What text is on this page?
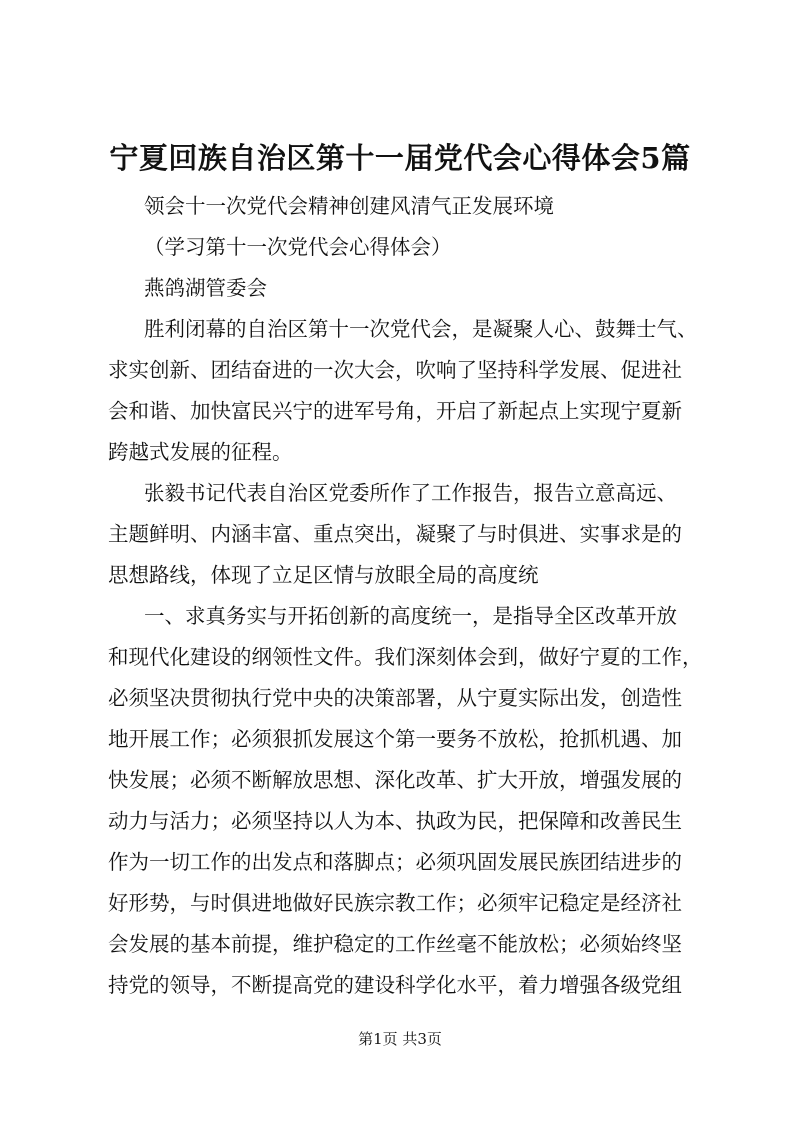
宁夏回族自治区第十一届党代会心得体会5篇
领会十一次党代会精神创建风清气正发展环境
（学习第十一次党代会心得体会）
燕鸽湖管委会
胜利闭幕的自治区第十一次党代会，是凝聚人心、鼓舞士气、
求实创新、团结奋进的一次大会，吹响了坚持科学发展、促进社
会和谐、加快富民兴宁的进军号角，开启了新起点上实现宁夏新
跨越式发展的征程。
张毅书记代表自治区党委所作了工作报告，报告立意高远、
主题鲜明、内涵丰富、重点突出，凝聚了与时俱进、实事求是的
思想路线，体现了立足区情与放眼全局的高度统
一、求真务实与开拓创新的高度统一，是指导全区改革开放
和现代化建设的纲领性文件。我们深刻体会到，做好宁夏的工作，
必须坚决贯彻执行党中央的决策部署，从宁夏实际出发，创造性
地开展工作；必须狠抓发展这个第一要务不放松，抢抓机遇、加
快发展；必须不断解放思想、深化改革、扩大开放，增强发展的
动力与活力；必须坚持以人为本、执政为民，把保障和改善民生
作为一切工作的出发点和落脚点；必须巩固发展民族团结进步的
好形势，与时俱进地做好民族宗教工作；必须牢记稳定是经济社
会发展的基本前提，维护稳定的工作丝毫不能放松；必须始终坚
持党的领导，不断提高党的建设科学化水平，着力增强各级党组
第1页 共3页
